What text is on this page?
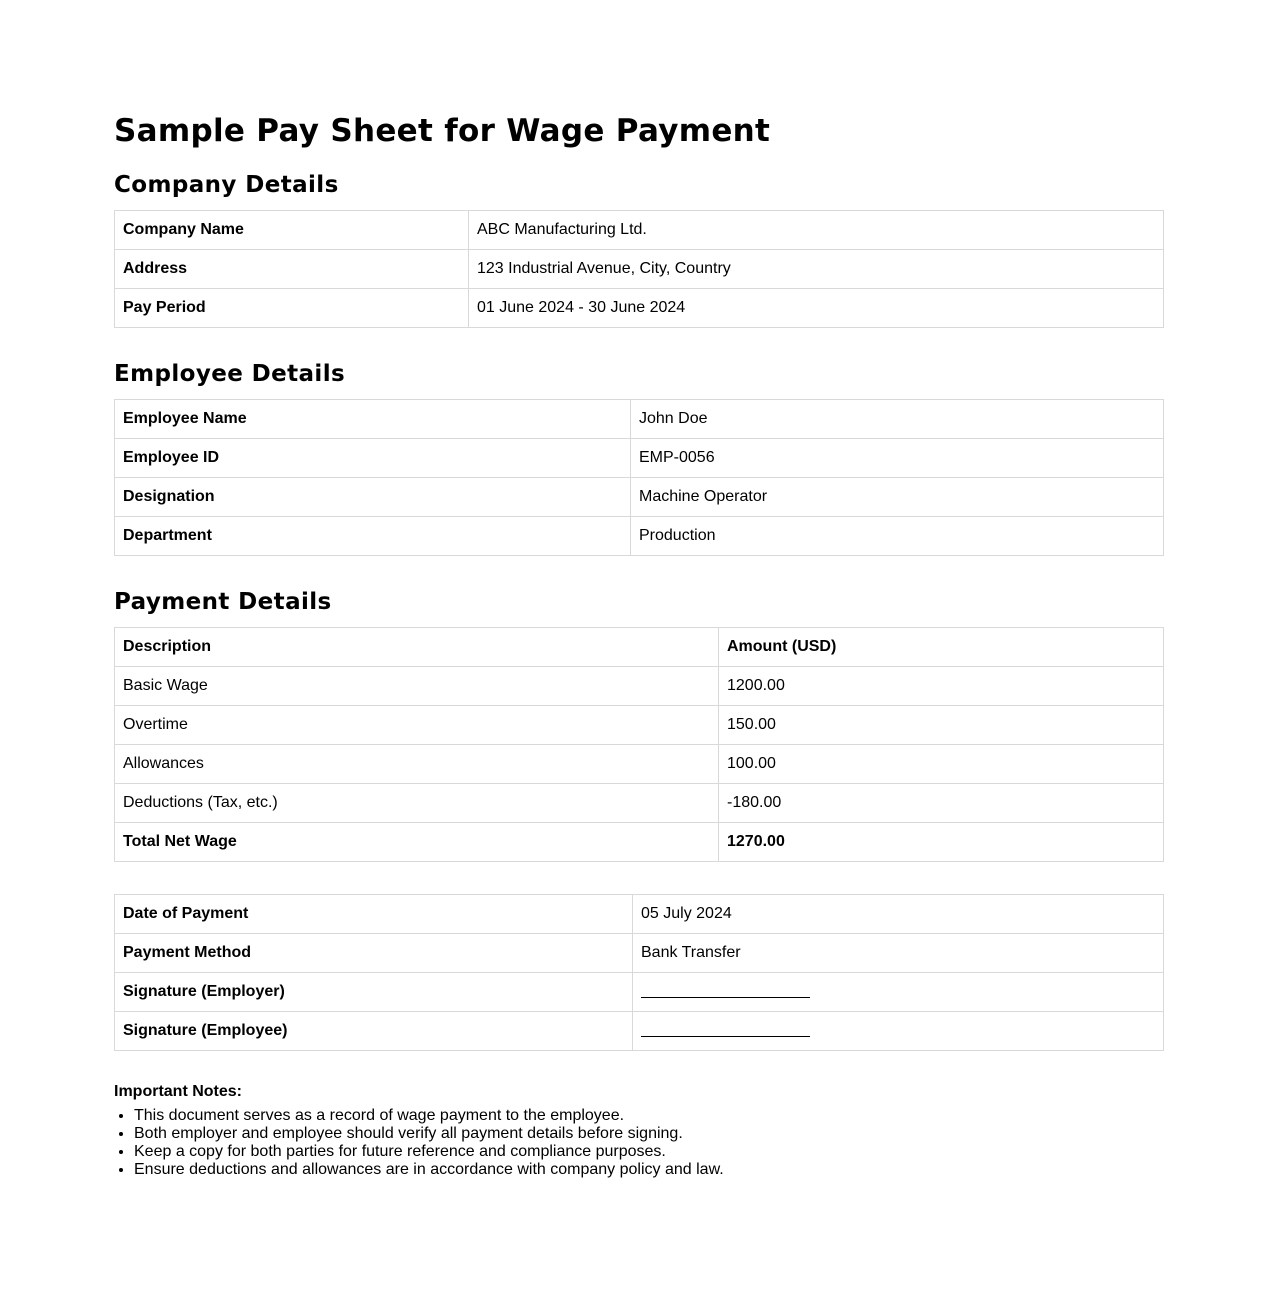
Sample Pay Sheet for Wage Payment
Company Details
Company Name	ABC Manufacturing Ltd.
Address	123 Industrial Avenue, City, Country
Pay Period	01 June 2024 - 30 June 2024
Employee Details
Employee Name	John Doe
Employee ID	EMP-0056
Designation	Machine Operator
Department	Production
Payment Details
Description	Amount (USD)
Basic Wage	1200.00
Overtime	150.00
Allowances	100.00
Deductions (Tax, etc.)	-180.00
Total Net Wage	1270.00
Date of Payment	05 July 2024
Payment Method	Bank Transfer
Signature (Employer)	
Signature (Employee)	

Important Notes:

• This document serves as a record of wage payment to the employee.
• Both employer and employee should verify all payment details before signing.
• Keep a copy for both parties for future reference and compliance purposes.
• Ensure deductions and allowances are in accordance with company policy and law.
